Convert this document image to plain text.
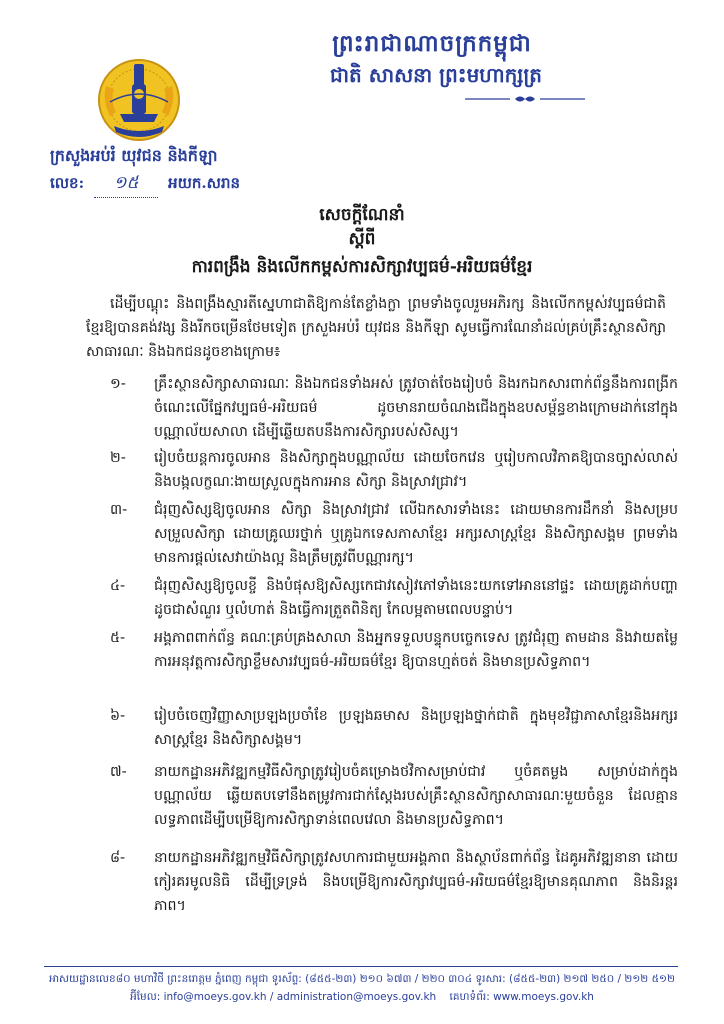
ព្រះរាជាណាចក្រកម្ពុជា
ជាតិ សាសនា ព្រះមហាក្សត្រ
ក្រសួងអប់រំ យុវជន និងកីឡា
លេខ:	១៥	អយក.សរាន
សេចក្តីណែនាំ
ស្តីពី
ការពង្រឹង និងលើកកម្ពស់ការសិក្សាវប្បធម៌-អរិយធម៌ខ្មែរ
ដើម្បីបណ្តុះ និងពង្រឹងស្មារតីស្នេហាជាតិឱ្យកាន់តែខ្លាំងក្លា ព្រមទាំងចូលរួមអភិរក្ស និងលើកកម្ពស់វប្បធម៌ជាតិខ្មែរឱ្យបានគង់វង្ស និងរីកចម្រើនថែមទៀត ក្រសួងអប់រំ យុវជន និងកីឡា សូមធ្វើការណែនាំដល់គ្រប់គ្រឹះស្ថានសិក្សាសាធារណៈ និងឯកជនដូចខាងក្រោម៖
១-	គ្រឹះស្ថានសិក្សាសាធារណៈ និងឯកជនទាំងអស់ ត្រូវចាត់ចែងរៀបចំ និងរកឯកសារពាក់ព័ន្ធនឹងការពង្រីកចំណេះលើផ្នែកវប្បធម៌-អរិយធម៌ ដូចមានរាយចំណងជើងក្នុងឧបសម្ព័ន្ធខាងក្រោមដាក់នៅក្នុងបណ្ណាល័យសាលា ដើម្បីឆ្លើយតបនឹងការសិក្សារបស់សិស្ស។
២-	រៀបចំយន្តការចូលអាន និងសិក្សាក្នុងបណ្ណាល័យ ដោយចែកវេន ឬរៀបកាលវិភាគឱ្យបានច្បាស់លាស់ និងបង្កលក្ខណៈងាយស្រួលក្នុងការអាន សិក្សា និងស្រាវជ្រាវ។
៣-	ជំរុញសិស្សឱ្យចូលអាន សិក្សា និងស្រាវជ្រាវ លើឯកសារទាំងនេះ ដោយមានការដឹកនាំ និងសម្របសម្រួលសិក្សា ដោយគ្រូឈរថ្នាក់ ឬគ្រូឯកទេសភាសាខ្មែរ អក្សរសាស្ត្រខ្មែរ និងសិក្សាសង្គម ព្រមទាំងមានការផ្តល់សេវាយ៉ាងល្អ និងត្រឹមត្រូវពីបណ្ណារក្ស។
៤-	ជំរុញសិស្សឱ្យចូលខ្ចី និងបំផុសឱ្យសិស្សកេជាវសៀវភៅទាំងនេះយកទៅអាននៅផ្ទះ ដោយគ្រូដាក់បញ្ហា ដូចជាសំណួរ ឬលំហាត់ និងធ្វើការត្រួតពិនិត្យ កែលម្អតាមពេលបន្ទាប់។
៥-	អង្គភាពពាក់ព័ន្ធ គណៈគ្រប់គ្រងសាលា និងអ្នកទទួលបន្ទុកបច្ចេកទេស ត្រូវជំរុញ តាមដាន និងវាយតម្លៃការអនុវត្តការសិក្សាខ្លឹមសារវប្បធម៌-អរិយធម៌ខ្មែរ ឱ្យបានហ្មត់ចត់ និងមានប្រសិទ្ធភាព។
៦-	រៀបចំចេញវិញ្ញាសាប្រឡងប្រចាំខែ ប្រឡងឆមាស និងប្រឡងថ្នាក់ជាតិ ក្នុងមុខវិជ្ជាភាសាខ្មែរនិងអក្សរសាស្ត្រខ្មែរ និងសិក្សាសង្គម។
៧-	នាយកដ្ឋានអភិវឌ្ឍកម្មវិធីសិក្សាត្រូវរៀបចំគម្រោងថវិកាសម្រាប់ជាវ ឬចំគតម្លង សម្រាប់ដាក់ក្នុងបណ្ណាល័យ ឆ្លើយតបទៅនឹងតម្រូវការជាក់ស្តែងរបស់គ្រឹះស្ថានសិក្សាសាធារណៈមួយចំនួន ដែលគ្មានលទ្ធភាពដើម្បីបម្រើឱ្យការសិក្សាទាន់ពេលវេលា និងមានប្រសិទ្ធភាព។
៨-	នាយកដ្ឋានអភិវឌ្ឍកម្មវិធីសិក្សាត្រូវសហការជាមួយអង្គភាព និងស្ថាប័នពាក់ព័ន្ធ ដៃគូអភិវឌ្ឍនានា ដោយកៀរគរមូលនិធិ ដើម្បីទ្រទ្រង់ និងបម្រើឱ្យការសិក្សាវប្បធម៌-អរិយធម៌ខ្មែរឱ្យមានគុណភាព និងនិរន្តរភាព។
អាសយដ្ឋានលេខ៨០ មហាវិថី ព្រះនរោត្តម ភ្នំពេញ កម្ពុជា ទូរស័ព្ទ: (៨៥៥-២៣) ២១០ ៦៧៣ / ២២០ ៣០៤ ទូរសារ: (៨៥៥-២៣) ២១៧ ២៥០ / ២១២ ៥១២
អ៊ីមែល: info@moeys.gov.kh / administration@moeys.gov.kh គេហទំព័រ: www.moeys.gov.kh
